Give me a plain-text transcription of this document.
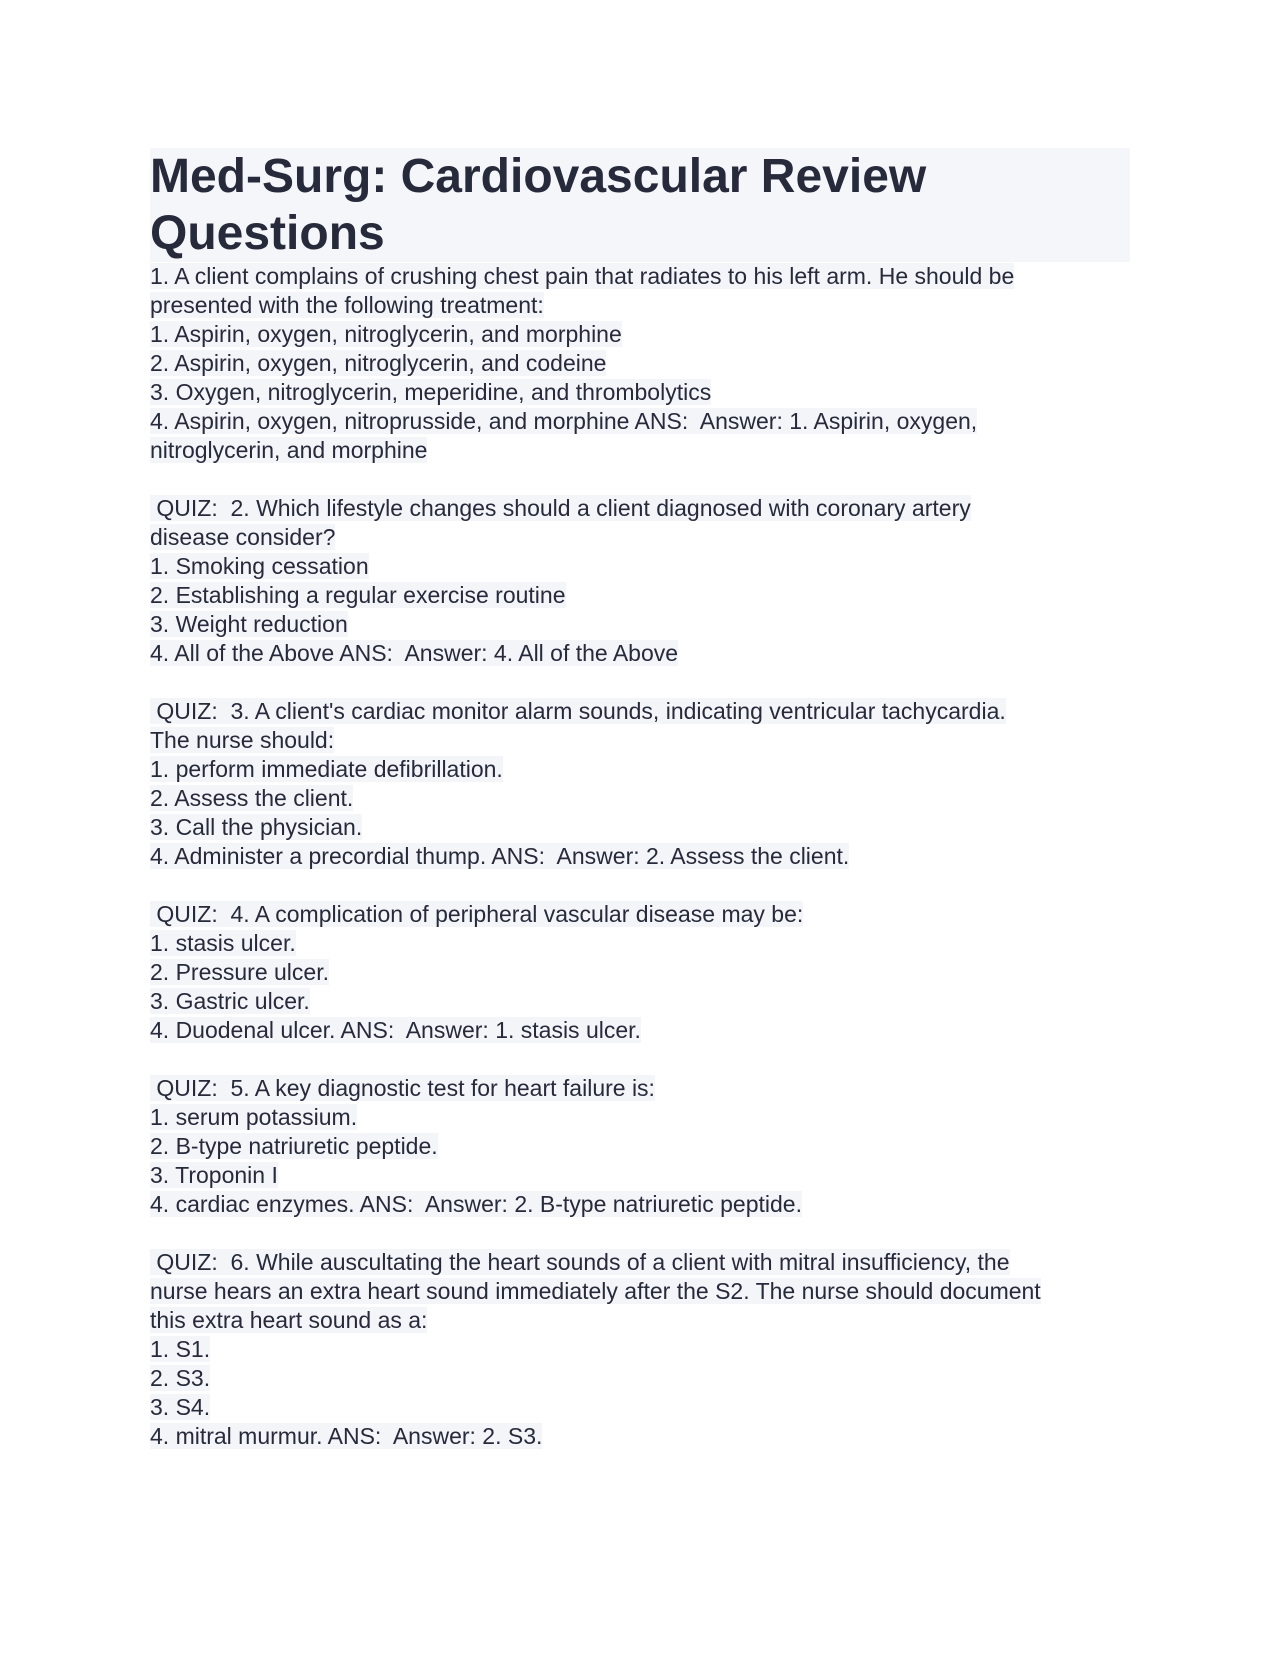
Med-Surg: Cardiovascular Review Questions
1. A client complains of crushing chest pain that radiates to his left arm. He should be
presented with the following treatment:
1. Aspirin, oxygen, nitroglycerin, and morphine
2. Aspirin, oxygen, nitroglycerin, and codeine
3. Oxygen, nitroglycerin, meperidine, and thrombolytics
4. Aspirin, oxygen, nitroprusside, and morphine ANS:  Answer: 1. Aspirin, oxygen,
nitroglycerin, and morphine
QUIZ:  2. Which lifestyle changes should a client diagnosed with coronary artery
disease consider?
1. Smoking cessation
2. Establishing a regular exercise routine
3. Weight reduction
4. All of the Above ANS:  Answer: 4. All of the Above
QUIZ:  3. A client's cardiac monitor alarm sounds, indicating ventricular tachycardia.
The nurse should:
1. perform immediate defibrillation.
2. Assess the client.
3. Call the physician.
4. Administer a precordial thump. ANS:  Answer: 2. Assess the client.
QUIZ:  4. A complication of peripheral vascular disease may be:
1. stasis ulcer.
2. Pressure ulcer.
3. Gastric ulcer.
4. Duodenal ulcer. ANS:  Answer: 1. stasis ulcer.
QUIZ:  5. A key diagnostic test for heart failure is:
1. serum potassium.
2. B-type natriuretic peptide.
3. Troponin I
4. cardiac enzymes. ANS:  Answer: 2. B-type natriuretic peptide.
QUIZ:  6. While auscultating the heart sounds of a client with mitral insufficiency, the
nurse hears an extra heart sound immediately after the S2. The nurse should document
this extra heart sound as a:
1. S1.
2. S3.
3. S4.
4. mitral murmur. ANS:  Answer: 2. S3.
